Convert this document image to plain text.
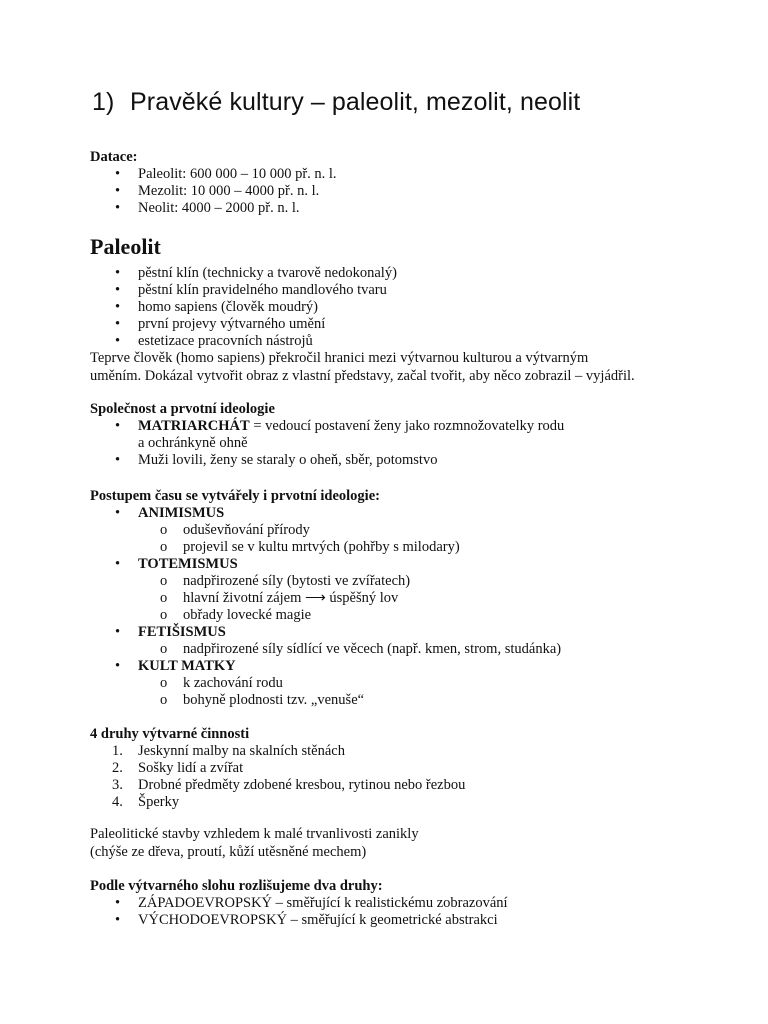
1) Pravěké kultury – paleolit, mezolit, neolit
Datace:
• Paleolit: 600 000 – 10 000 př. n. l.
• Mezolit: 10 000 – 4000 př. n. l.
• Neolit: 4000 – 2000 př. n. l.
Paleolit
• pěstní klín (technicky a tvarově nedokonalý)
• pěstní klín pravidelného mandlového tvaru
• homo sapiens (člověk moudrý)
• první projevy výtvarného umění
• estetizace pracovních nástrojů
Teprve člověk (homo sapiens) překročil hranici mezi výtvarnou kulturou a výtvarným
uměním. Dokázal vytvořit obraz z vlastní představy, začal tvořit, aby něco zobrazil – vyjádřil.
Společnost a prvotní ideologie
• MATRIARCHÁT = vedoucí postavení ženy jako rozmnožovatelky rodu
a ochránkyně ohně
• Muži lovili, ženy se staraly o oheň, sběr, potomstvo
Postupem času se vytvářely i prvotní ideologie:
• ANIMISMUS
o oduševňování přírody
o projevil se v kultu mrtvých (pohřby s milodary)
• TOTEMISMUS
o nadpřirozené síly (bytosti ve zvířatech)
o hlavní životní zájem ⟶ úspěšný lov
o obřady lovecké magie
• FETIŠISMUS
o nadpřirozené síly sídlící ve věcech (např. kmen, strom, studánka)
• KULT MATKY
o k zachování rodu
o bohyně plodnosti tzv. „venuše“
4 druhy výtvarné činnosti
1. Jeskynní malby na skalních stěnách
2. Sošky lidí a zvířat
3. Drobné předměty zdobené kresbou, rytinou nebo řezbou
4. Šperky
Paleolitické stavby vzhledem k malé trvanlivosti zanikly
(chýše ze dřeva, proutí, kůží utěsněné mechem)
Podle výtvarného slohu rozlišujeme dva druhy:
• ZÁPADOEVROPSKÝ – směřující k realistickému zobrazování
• VÝCHODOEVROPSKÝ – směřující k geometrické abstrakci
